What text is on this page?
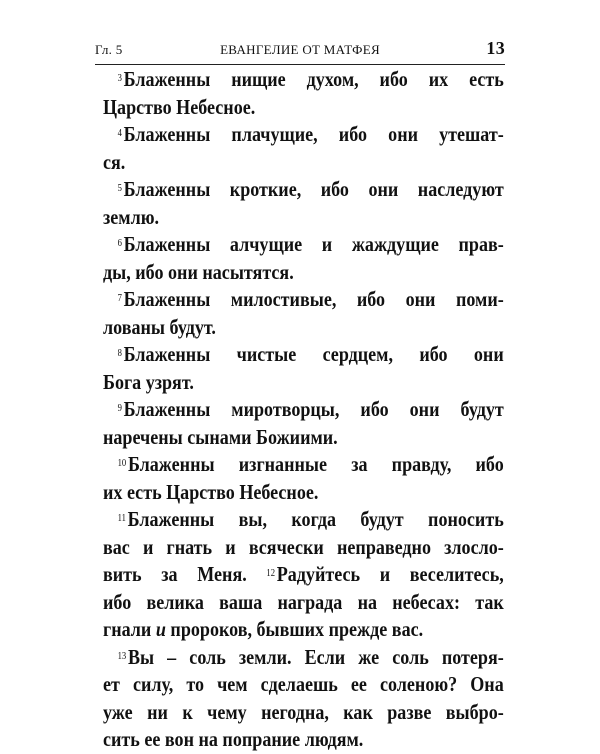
Гл. 5	ЕВАНГЕЛИЕ ОТ МАТФЕЯ	13
$^3$Блаженны нищие духом, ибо их есть
Царство Небесное.
$^4$Блаженны плачущие, ибо они утешат-
ся.
$^5$Блаженны кроткие, ибо они наследуют
землю.
$^6$Блаженны алчущие и жаждущие прав-
ды, ибо они насытятся.
$^7$Блаженны милостивые, ибо они поми-
лованы будут.
$^8$Блаженны чистые сердцем, ибо они
Бога узрят.
$^9$Блаженны миротворцы, ибо они будут
наречены сынами Божиими.
$^{10}$Блаженны изгнанные за правду, ибо
их есть Царство Небесное.
$^{11}$Блаженны вы, когда будут поносить
вас и гнать и всячески неправедно злосло-
вить за Меня. $^{12}$Радуйтесь и веселитесь,
ибо велика ваша награда на небесах: так
гнали и пророков, бывших прежде вас.
$^{13}$Вы – соль земли. Если же соль потеря-
ет силу, то чем сделаешь ее соленою? Она
уже ни к чему негодна, как разве выбро-
сить ее вон на попрание людям.
